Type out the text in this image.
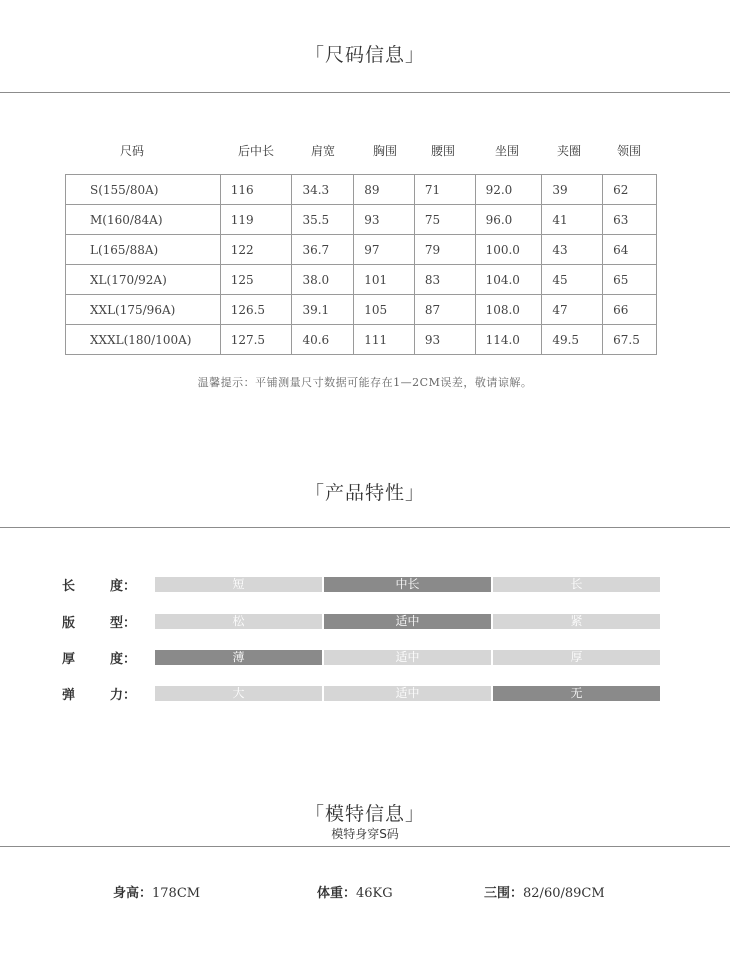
「尺码信息」
尺码	后中长	肩宽	胸围	腰围	坐围	夹圈	领围
S(155/80A)	116	34.3	89	71	92.0	39	62
M(160/84A)	119	35.5	93	75	96.0	41	63
L(165/88A)	122	36.7	97	79	100.0	43	64
XL(170/92A)	125	38.0	101	83	104.0	45	65
XXL(175/96A)	126.5	39.1	105	87	108.0	47	66
XXXL(180/100A)	127.5	40.6	111	93	114.0	49.5	67.5
温馨提示：平铺测量尺寸数据可能存在1—2CM误差，敬请谅解。
「产品特性」
长	度：	短	中长	长
版	型：	松	适中	紧
厚	度：	薄	适中	厚
弹	力：	大	适中	无
「模特信息」
模特身穿S码
身高：178CM	体重：46KG	三围：82/60/89CM
